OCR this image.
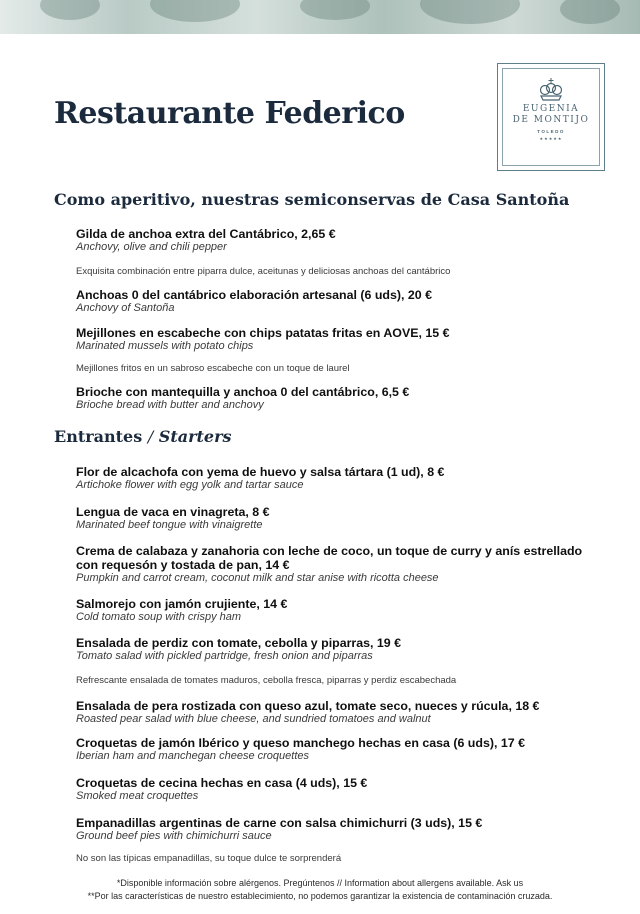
Restaurante Federico	EUGENIA
DE MONTIJO
TOLEDO
★★★★★
Como aperitivo, nuestras semiconservas de Casa Santoña
Gilda de anchoa extra del Cantábrico, 2,65 €
Anchovy, olive and chili pepper
Exquisita combinación entre piparra dulce, aceitunas y deliciosas anchoas del cantábrico
Anchoas 0 del cantábrico elaboración artesanal (6 uds), 20 €
Anchovy of Santoña
Mejillones en escabeche con chips patatas fritas en AOVE, 15 €
Marinated mussels with potato chips
Mejillones fritos en un sabroso escabeche con un toque de laurel
Brioche con mantequilla y anchoa 0 del cantábrico, 6,5 €
Brioche bread with butter and anchovy
Entrantes / Starters
Flor de alcachofa con yema de huevo y salsa tártara (1 ud), 8 €
Artichoke flower with egg yolk and tartar sauce
Lengua de vaca en vinagreta, 8 €
Marinated beef tongue with vinaigrette
Crema de calabaza y zanahoria con leche de coco, un toque de curry y anís estrellado con requesón y tostada de pan, 14 €
Pumpkin and carrot cream, coconut milk and star anise with ricotta cheese
Salmorejo con jamón crujiente, 14 €
Cold tomato soup with crispy ham
Ensalada de perdiz con tomate, cebolla y piparras, 19 €
Tomato salad with pickled partridge, fresh onion and piparras
Refrescante ensalada de tomates maduros, cebolla fresca, piparras y perdiz escabechada
Ensalada de pera rostizada con queso azul, tomate seco, nueces y rúcula, 18 €
Roasted pear salad with blue cheese, and sundried tomatoes and walnut
Croquetas de jamón Ibérico y queso manchego hechas en casa (6 uds), 17 €
Iberian ham and manchegan cheese croquettes
Croquetas de cecina hechas en casa (4 uds), 15 €
Smoked meat croquettes
Empanadillas argentinas de carne con salsa chimichurri (3 uds), 15 €
Ground beef pies with chimichurri sauce
No son las típicas empanadillas, su toque dulce te sorprenderá
*Disponible información sobre alérgenos. Pregúntenos // Information about allergens available. Ask us
**Por las características de nuestro establecimiento, no podemos garantizar la existencia de contaminación cruzada.
